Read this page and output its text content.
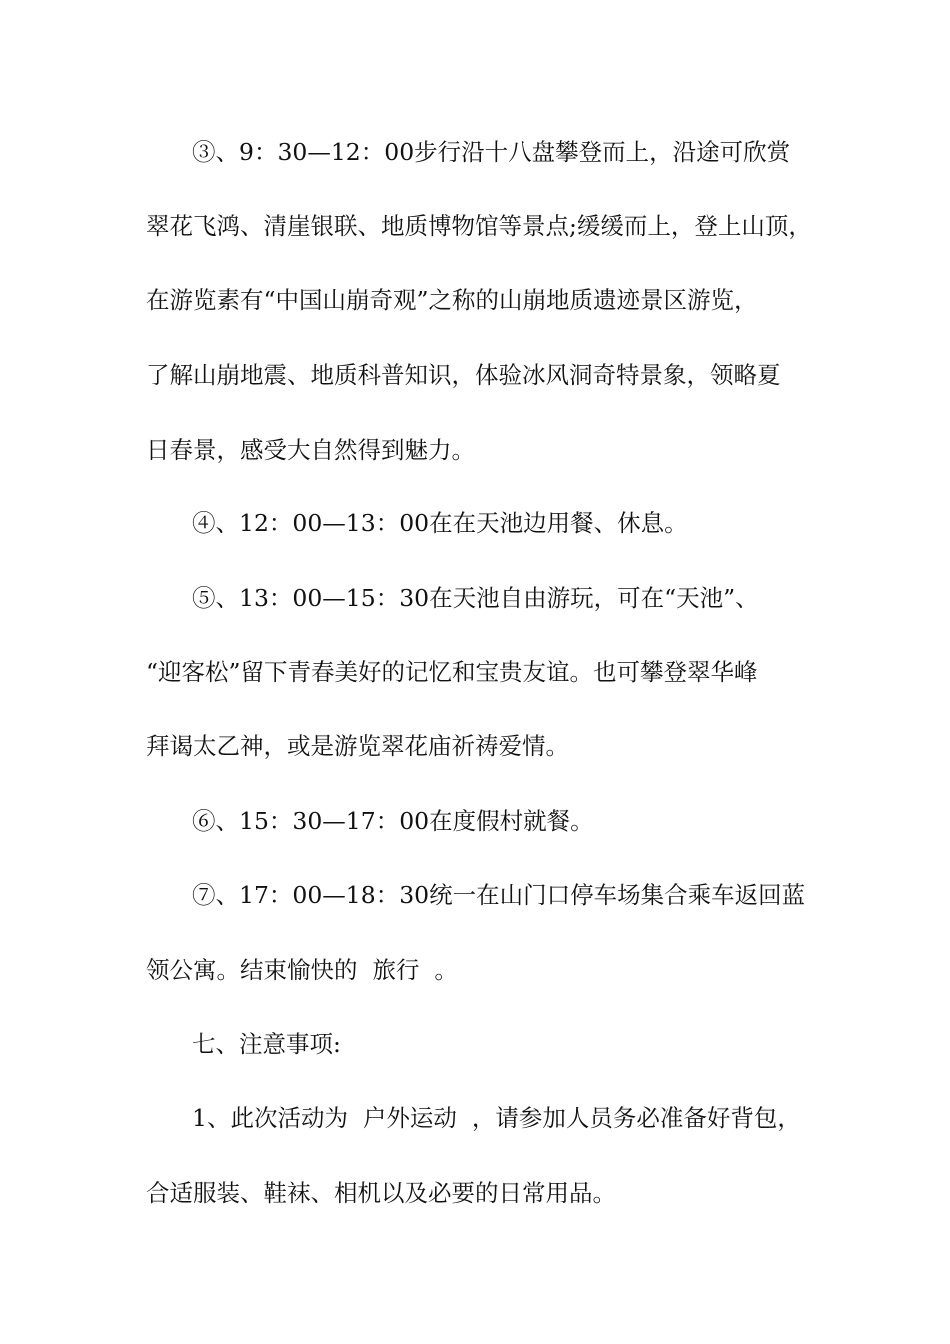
③、9：30—12：00步行沿十八盘攀登而上，沿途可欣赏
翠花飞鸿、清崖银联、地质博物馆等景点;缓缓而上，登上山顶，
在游览素有“中国山崩奇观”之称的山崩地质遗迹景区游览，
了解山崩地震、地质科普知识，体验冰风洞奇特景象，领略夏
日春景，感受大自然得到魅力。
④、12：00—13：00在在天池边用餐、休息。
⑤、13：00—15：30在天池自由游玩，可在“天池”、
“迎客松”留下青春美好的记忆和宝贵友谊。也可攀登翠华峰
拜谒太乙神，或是游览翠花庙祈祷爱情。
⑥、15：30—17：00在度假村就餐。
⑦、17：00—18：30统一在山门口停车场集合乘车返回蓝
领公寓。结束愉快的  旅行  。
七、注意事项:
1、此次活动为  户外运动  ，请参加人员务必准备好背包，
合适服装、鞋袜、相机以及必要的日常用品。
